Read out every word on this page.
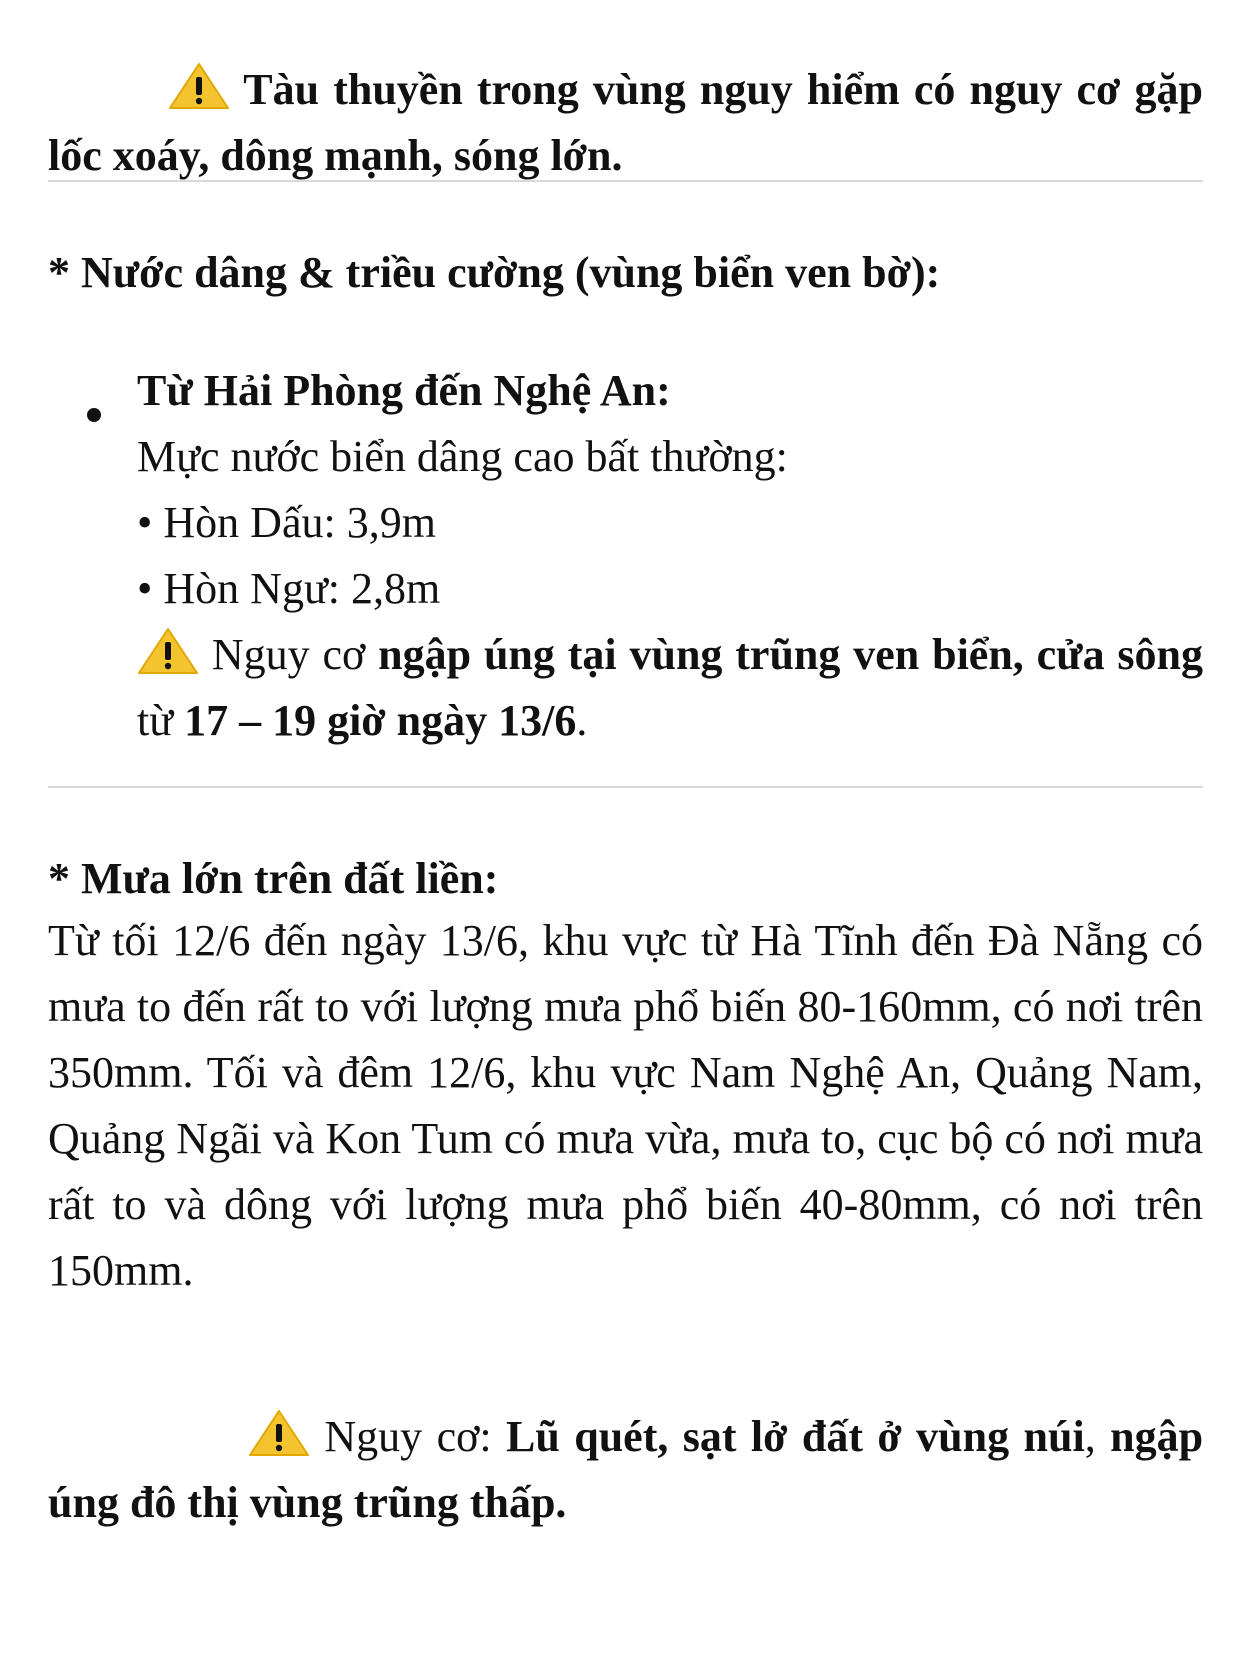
Tàu thuyền trong vùng nguy hiểm có nguy cơ gặp lốc xoáy, dông mạnh, sóng lớn.

* Nước dâng & triều cường (vùng biển ven bờ):

Từ Hải Phòng đến Nghệ An:
Mực nước biển dâng cao bất thường:
• Hòn Dấu: 3,9m
• Hòn Ngư: 2,8m
Nguy cơ ngập úng tại vùng trũng ven biển, cửa sông từ 17 – 19 giờ ngày 13/6.

* Mưa lớn trên đất liền:

Từ tối 12/6 đến ngày 13/6, khu vực từ Hà Tĩnh đến Đà Nẵng có mưa to đến rất to với lượng mưa phổ biến 80-160mm, có nơi trên 350mm. Tối và đêm 12/6, khu vực Nam Nghệ An, Quảng Nam, Quảng Ngãi và Kon Tum có mưa vừa, mưa to, cục bộ có nơi mưa rất to và dông với lượng mưa phổ biến 40-80mm, có nơi trên 150mm.

Nguy cơ: Lũ quét, sạt lở đất ở vùng núi, ngập úng đô thị vùng trũng thấp.
